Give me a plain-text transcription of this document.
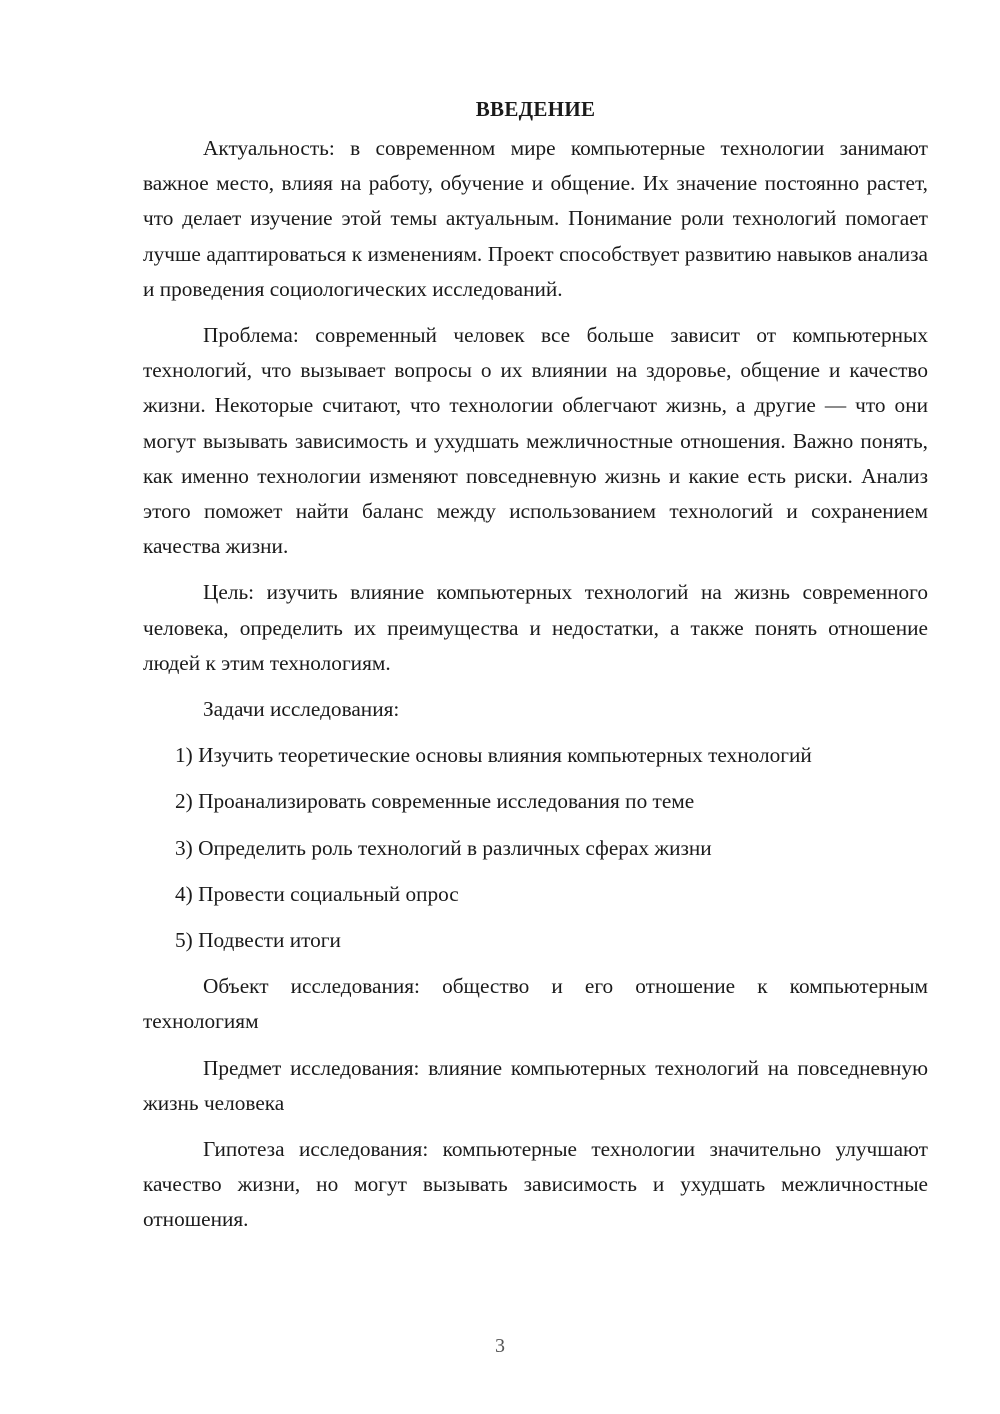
ВВЕДЕНИЕ

Актуальность: в современном мире компьютерные технологии занимают важное место, влияя на работу, обучение и общение. Их значение постоянно растет, что делает изучение этой темы актуальным. Понимание роли технологий помогает лучше адаптироваться к изменениям. Проект способствует развитию навыков анализа и проведения социологических исследований.

Проблема: современный человек все больше зависит от компьютерных технологий, что вызывает вопросы о их влиянии на здоровье, общение и качество жизни. Некоторые считают, что технологии облегчают жизнь, а другие — что они могут вызывать зависимость и ухудшать межличностные отношения. Важно понять, как именно технологии изменяют повседневную жизнь и какие есть риски. Анализ этого поможет найти баланс между использованием технологий и сохранением качества жизни.

Цель: изучить влияние компьютерных технологий на жизнь современного человека, определить их преимущества и недостатки, а также понять отношение людей к этим технологиям.

Задачи исследования:

1) Изучить теоретические основы влияния компьютерных технологий

2) Проанализировать современные исследования по теме

3) Определить роль технологий в различных сферах жизни

4) Провести социальный опрос

5) Подвести итоги

Объект исследования: общество и его отношение к компьютерным технологиям

Предмет исследования: влияние компьютерных технологий на повседневную жизнь человека

Гипотеза исследования: компьютерные технологии значительно улучшают качество жизни, но могут вызывать зависимость и ухудшать межличностные отношения.

3
